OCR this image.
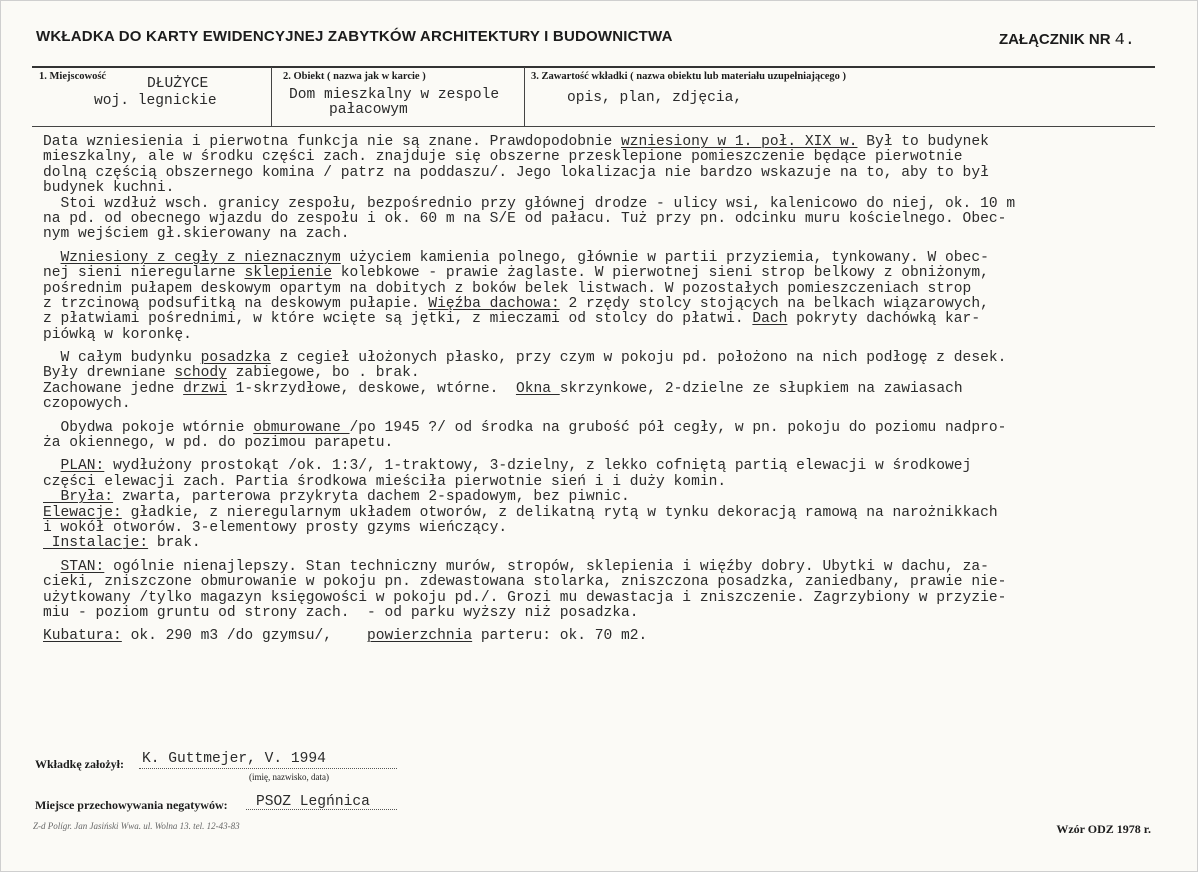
WKŁADKA DO KARTY EWIDENCYJNEJ ZABYTKÓW ARCHITEKTURY I BUDOWNICTWA	ZAŁĄCZNIK NR 4.
1. Miejscowość	DŁUŻYCE
woj. legnickie
2. Obiekt ( nazwa jak w karcie )
Dom mieszkalny w zespole
pałacowym
3. Zawartość wkładki ( nazwa obiektu lub materiału uzupełniającego )
opis, plan, zdjęcia,
Data wzniesienia i pierwotna funkcja nie są znane. Prawdopodobnie wzniesiony w 1. poł. XIX w. Był to budynek
mieszkalny, ale w środku części zach. znajduje się obszerne przesklepione pomieszczenie będące pierwotnie
dolną częścią obszernego komina / patrz na poddaszu/. Jego lokalizacja nie bardzo wskazuje na to, aby to był
budynek kuchni.
Stoi wzdłuż wsch. granicy zespołu, bezpośrednio przy głównej drodze - ulicy wsi, kalenicowo do niej, ok. 10 m
na pd. od obecnego wjazdu do zespołu i ok. 60 m na S/E od pałacu. Tuż przy pn. odcinku muru kościelnego. Obec-
nym wejściem gł.skierowany na zach.
Wzniesiony z cegły z nieznacznym użyciem kamienia polnego, głównie w partii przyziemia, tynkowany. W obec-
nej sieni nieregularne sklepienie kolebkowe - prawie żaglaste. W pierwotnej sieni strop belkowy z obniżonym,
pośrednim pułapem deskowym opartym na dobitych z boków belek listwach. W pozostałych pomieszczeniach strop
z trzcinową podsufitką na deskowym pułapie. Więźba dachowa: 2 rzędy stolcy stojących na belkach wiązarowych,
z płatwiami pośrednimi, w które wcięte są jętki, z mieczami od stolcy do płatwi. Dach pokryty dachówką kar-
piówką w koronkę.
W całym budynku posadzka z cegieł ułożonych płasko, przy czym w pokoju pd. położono na nich podłogę z desek.
Były drewniane schody zabiegowe, bo . brak.
Zachowane jedne drzwi 1-skrzydłowe, deskowe, wtórne.  Okna skrzynkowe, 2-dzielne ze słupkiem na zawiasach
czopowych.
Obydwa pokoje wtórnie obmurowane /po 1945 ?/ od środka na grubość pół cegły, w pn. pokoju do poziomu nadpro-
ża okiennego, w pd. do pozimou parapetu.
PLAN: wydłużony prostokąt /ok. 1:3/, 1-traktowy, 3-dzielny, z lekko cofniętą partią elewacji w środkowej
części elewacji zach. Partia środkowa mieściła pierwotnie sień i i duży komin.
Bryła: zwarta, parterowa przykryta dachem 2-spadowym, bez piwnic.
Elewacje: gładkie, z nieregularnym układem otworów, z delikatną rytą w tynku dekoracją ramową na narożnikkach
i wokół otworów. 3-elementowy prosty gzyms wieńczący.
Instalacje: brak.
STAN: ogólnie nienajlepszy. Stan techniczny murów, stropów, sklepienia i więźby dobry. Ubytki w dachu, za-
cieki, zniszczone obmurowanie w pokoju pn. zdewastowana stolarka, zniszczona posadzka, zaniedbany, prawie nie-
użytkowany /tylko magazyn księgowości w pokoju pd./. Grozi mu dewastacja i zniszczenie. Zagrzybiony w przyzie-
miu - poziom gruntu od strony zach.  - od parku wyższy niż posadzka.
Kubatura: ok. 290 m3 /do gzymsu/,    powierzchnia parteru: ok. 70 m2.
Wkładkę założył: K. Guttmejer, V. 1994
(imię, nazwisko, data)
Miejsce przechowywania negatywów: PSOZ Legńnica
Z-d Polígr. Jan Jasiński Wwa. ul. Wolna 13. tel. 12-43-83	Wzór ODZ 1978 r.
